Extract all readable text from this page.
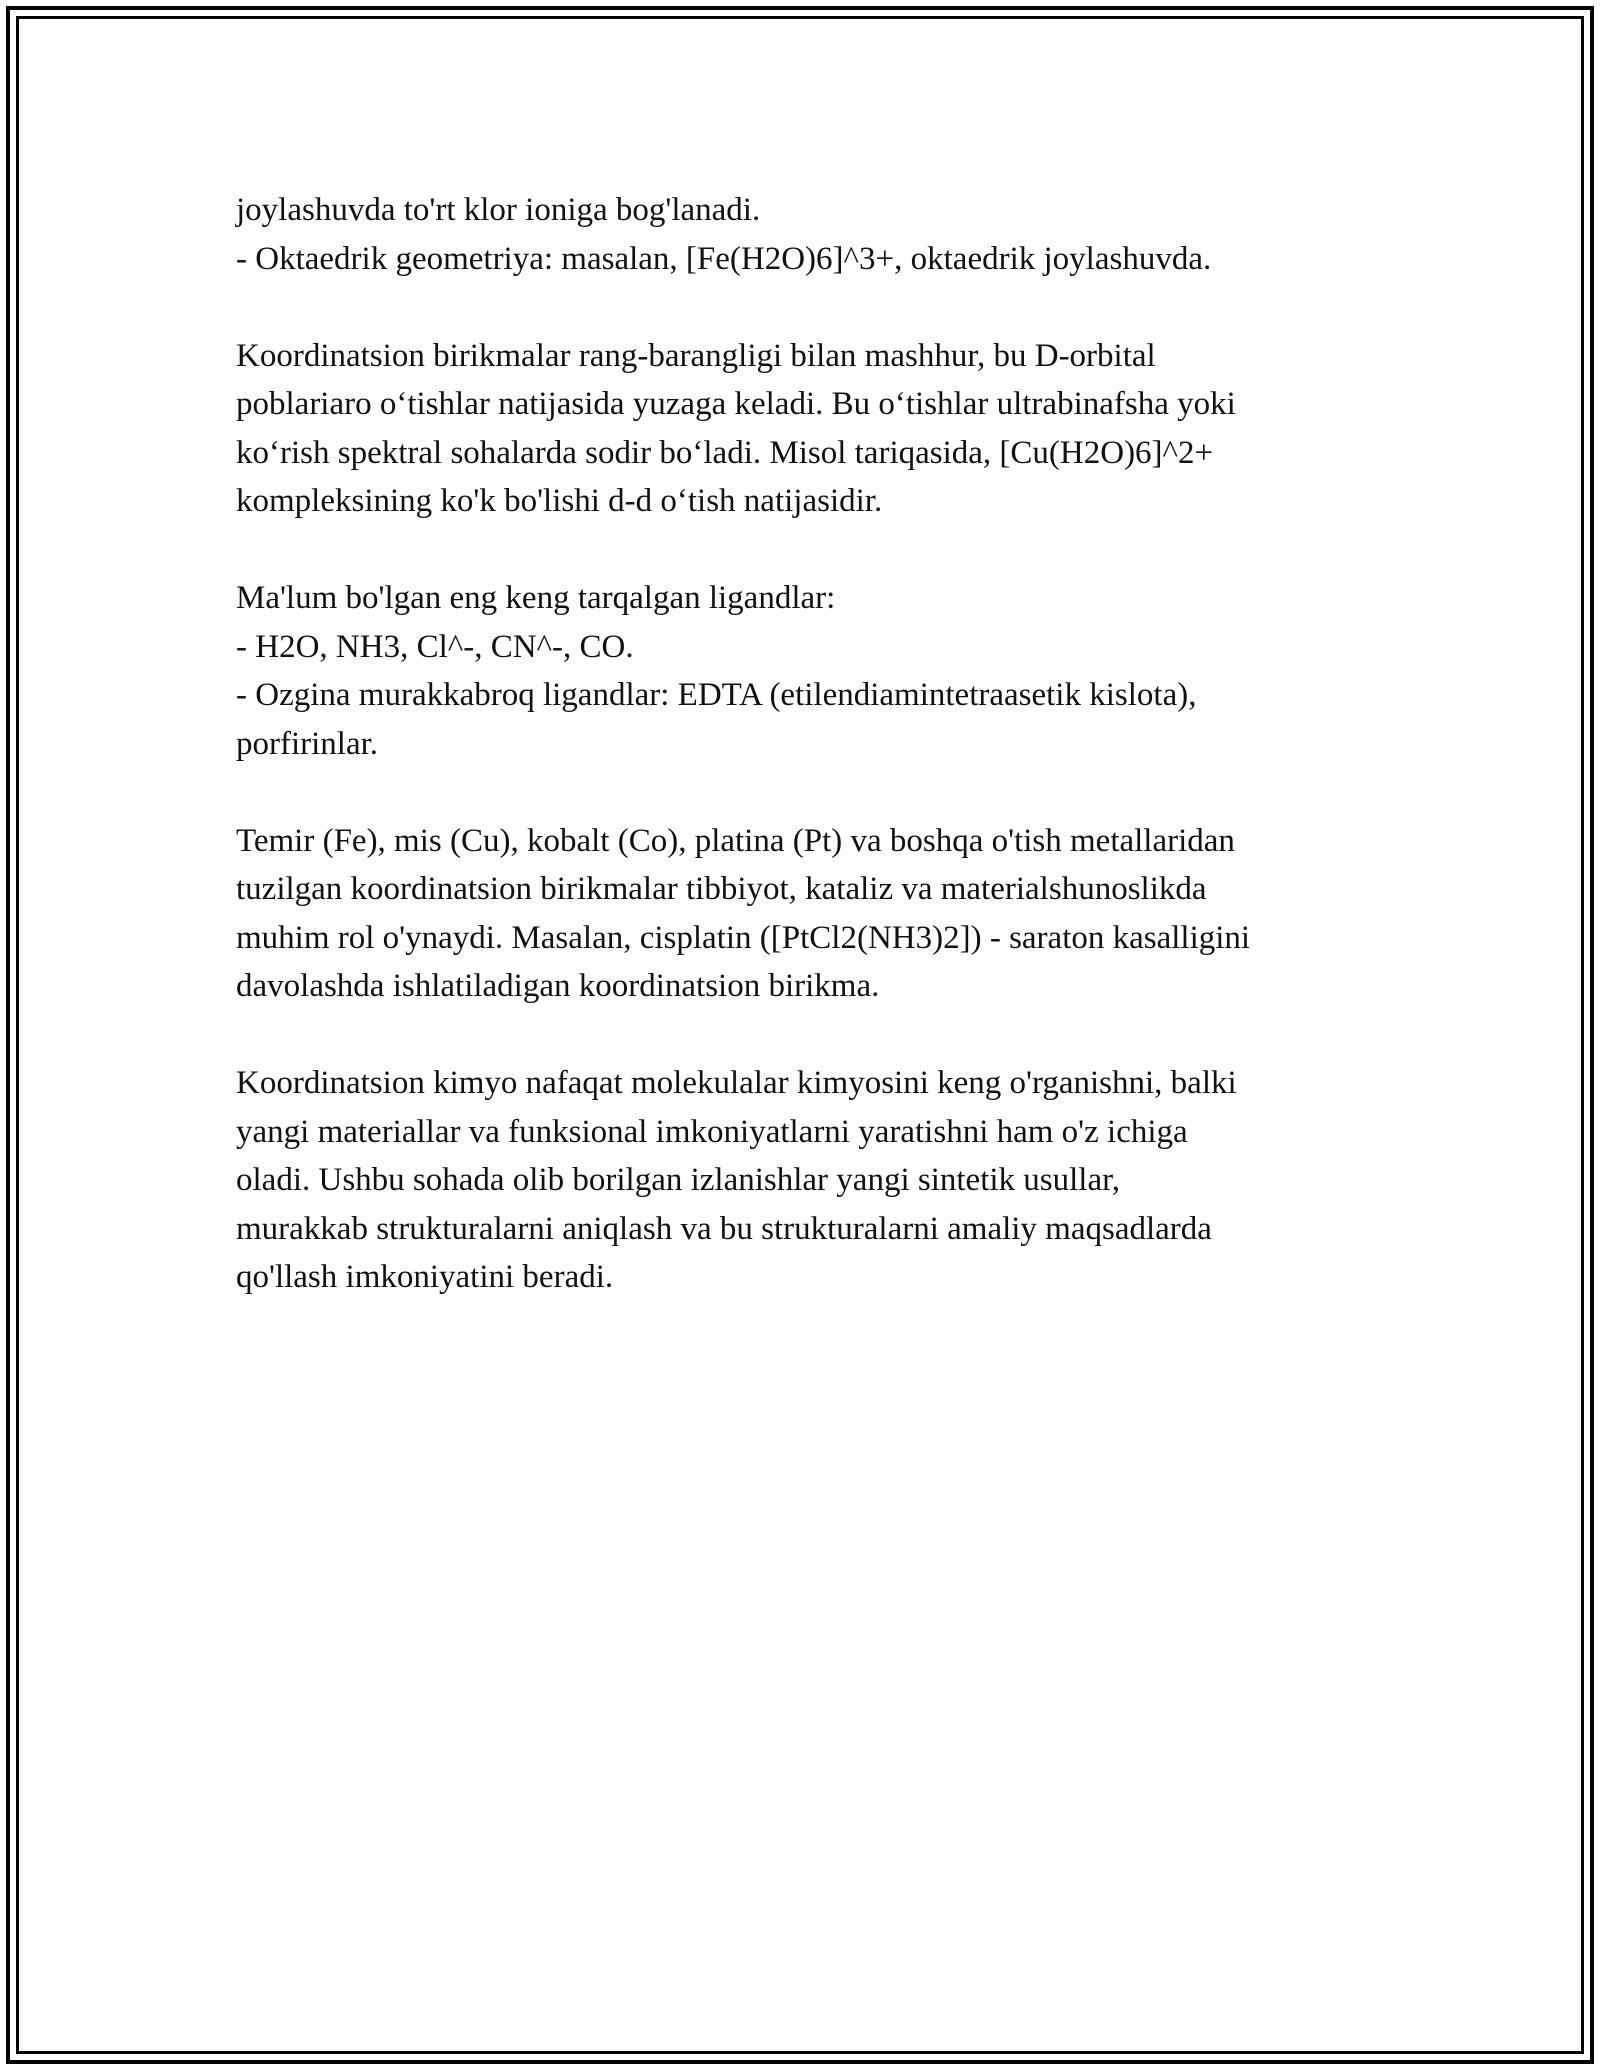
joylashuvda to'rt klor ioniga bog'lanadi.
- Oktaedrik geometriya: masalan, [Fe(H2O)6]^3+, oktaedrik joylashuvda.
Koordinatsion birikmalar rang-barangligi bilan mashhur, bu D-orbital
poblariaro o‘tishlar natijasida yuzaga keladi. Bu o‘tishlar ultrabinafsha yoki
ko‘rish spektral sohalarda sodir bo‘ladi. Misol tariqasida, [Cu(H2O)6]^2+
kompleksining ko'k bo'lishi d-d o‘tish natijasidir.
Ma'lum bo'lgan eng keng tarqalgan ligandlar:
- H2O, NH3, Cl^-, CN^-, CO.
- Ozgina murakkabroq ligandlar: EDTA (etilendiamintetraasetik kislota),
porfirinlar.
Temir (Fe), mis (Cu), kobalt (Co), platina (Pt) va boshqa o'tish metallaridan
tuzilgan koordinatsion birikmalar tibbiyot, kataliz va materialshunoslikda
muhim rol o'ynaydi. Masalan, cisplatin ([PtCl2(NH3)2]) - saraton kasalligini
davolashda ishlatiladigan koordinatsion birikma.
Koordinatsion kimyo nafaqat molekulalar kimyosini keng o'rganishni, balki
yangi materiallar va funksional imkoniyatlarni yaratishni ham o'z ichiga
oladi. Ushbu sohada olib borilgan izlanishlar yangi sintetik usullar,
murakkab strukturalarni aniqlash va bu strukturalarni amaliy maqsadlarda
qo'llash imkoniyatini beradi.
